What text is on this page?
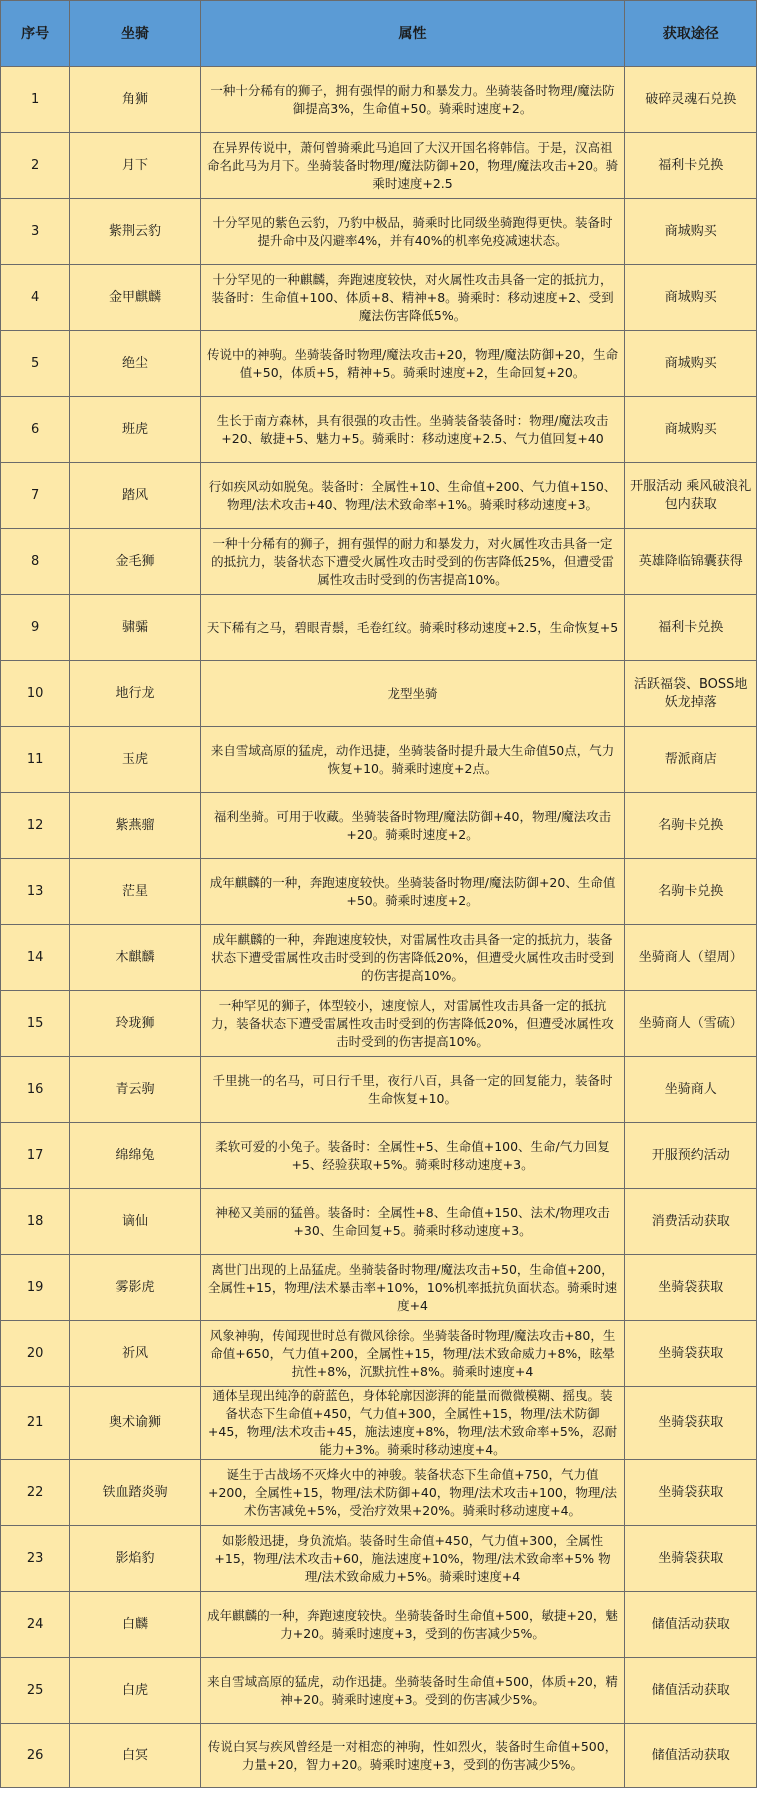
序号	坐骑	属性	获取途径
1	角狮	一种十分稀有的狮子，拥有强悍的耐力和暴发力。坐骑装备时物理/魔法防御提高3%，生命值+50。骑乘时速度+2。	破碎灵魂石兑换
2	月下	在异界传说中，萧何曾骑乘此马追回了大汉开国名将韩信。于是，汉高祖命名此马为月下。坐骑装备时物理/魔法防御+20，物理/魔法攻击+20。骑乘时速度+2.5	福利卡兑换
3	紫荆云豹	十分罕见的紫色云豹，乃豹中极品，骑乘时比同级坐骑跑得更快。装备时提升命中及闪避率4%，并有40%的机率免疫减速状态。	商城购买
4	金甲麒麟	十分罕见的一种麒麟，奔跑速度较快，对火属性攻击具备一定的抵抗力，装备时：生命值+100、体质+8、精神+8。骑乘时：移动速度+2、受到魔法伤害降低5%。	商城购买
5	绝尘	传说中的神驹。坐骑装备时物理/魔法攻击+20，物理/魔法防御+20，生命值+50，体质+5，精神+5。骑乘时速度+2，生命回复+20。	商城购买
6	班虎	生长于南方森林，具有很强的攻击性。坐骑装备装备时：物理/魔法攻击+20、敏捷+5、魅力+5。骑乘时：移动速度+2.5、气力值回复+40	商城购买
7	踏风	行如疾风动如脱兔。装备时：全属性+10、生命值+200、气力值+150、物理/法术攻击+40、物理/法术致命率+1%。骑乘时移动速度+3。	开服活动 乘风破浪礼包内获取
8	金毛狮	一种十分稀有的狮子，拥有强悍的耐力和暴发力，对火属性攻击具备一定的抵抗力，装备状态下遭受火属性攻击时受到的伤害降低25%，但遭受雷属性攻击时受到的伤害提高10%。	英雄降临锦囊获得
9	骕骦	天下稀有之马，碧眼青鬃，毛卷红纹。骑乘时移动速度+2.5，生命恢复+5	福利卡兑换
10	地行龙	龙型坐骑	活跃福袋、BOSS地妖龙掉落
11	玉虎	来自雪域高原的猛虎，动作迅捷，坐骑装备时提升最大生命值50点，气力恢复+10。骑乘时速度+2点。	帮派商店
12	紫燕骝	福利坐骑。可用于收藏。坐骑装备时物理/魔法防御+40，物理/魔法攻击+20。骑乘时速度+2。	名驹卡兑换
13	茫星	成年麒麟的一种，奔跑速度较快。坐骑装备时物理/魔法防御+20、生命值+50。骑乘时速度+2。	名驹卡兑换
14	木麒麟	成年麒麟的一种，奔跑速度较快，对雷属性攻击具备一定的抵抗力，装备状态下遭受雷属性攻击时受到的伤害降低20%，但遭受火属性攻击时受到的伤害提高10%。	坐骑商人（望周）
15	玲珑狮	一种罕见的狮子，体型较小，速度惊人，对雷属性攻击具备一定的抵抗力，装备状态下遭受雷属性攻击时受到的伤害降低20%，但遭受冰属性攻击时受到的伤害提高10%。	坐骑商人（雪硫）
16	青云驹	千里挑一的名马，可日行千里，夜行八百，具备一定的回复能力，装备时生命恢复+10。	坐骑商人
17	绵绵兔	柔软可爱的小兔子。装备时：全属性+5、生命值+100、生命/气力回复+5、经验获取+5%。骑乘时移动速度+3。	开服预约活动
18	谪仙	神秘又美丽的猛兽。装备时：全属性+8、生命值+150、法术/物理攻击+30、生命回复+5。骑乘时移动速度+3。	消费活动获取
19	雾影虎	离世门出现的上品猛虎。坐骑装备时物理/魔法攻击+50，生命值+200，全属性+15，物理/法术暴击率+10%，10%机率抵抗负面状态。骑乘时速度+4	坐骑袋获取
20	祈风	风象神驹，传闻现世时总有微风徐徐。坐骑装备时物理/魔法攻击+80，生命值+650，气力值+200，全属性+15，物理/法术致命威力+8%，眩晕抗性+8%，沉默抗性+8%。骑乘时速度+4	坐骑袋获取
21	奥术谕狮	通体呈现出纯净的蔚蓝色，身体轮廓因澎湃的能量而微微模糊、摇曳。装备状态下生命值+450，气力值+300，全属性+15，物理/法术防御+45，物理/法术攻击+45，施法速度+8%，物理/法术致命率+5%，忍耐能力+3%。骑乘时移动速度+4。	坐骑袋获取
22	铁血踏炎驹	诞生于古战场不灭烽火中的神骏。装备状态下生命值+750，气力值+200，全属性+15，物理/法术防御+40，物理/法术攻击+100，物理/法术伤害减免+5%，受治疗效果+20%。骑乘时移动速度+4。	坐骑袋获取
23	影焰豹	如影般迅捷，身负流焰。装备时生命值+450，气力值+300，全属性+15，物理/法术攻击+60，施法速度+10%，物理/法术致命率+5% 物理/法术致命威力+5%。骑乘时速度+4	坐骑袋获取
24	白麟	成年麒麟的一种，奔跑速度较快。坐骑装备时生命值+500，敏捷+20，魅力+20。骑乘时速度+3，受到的伤害减少5%。	储值活动获取
25	白虎	来自雪域高原的猛虎，动作迅捷。坐骑装备时生命值+500，体质+20，精神+20。骑乘时速度+3。受到的伤害减少5%。	储值活动获取
26	白冥	传说白冥与疾风曾经是一对相恋的神驹，性如烈火，装备时生命值+500，力量+20，智力+20。骑乘时速度+3，受到的伤害减少5%。	储值活动获取
